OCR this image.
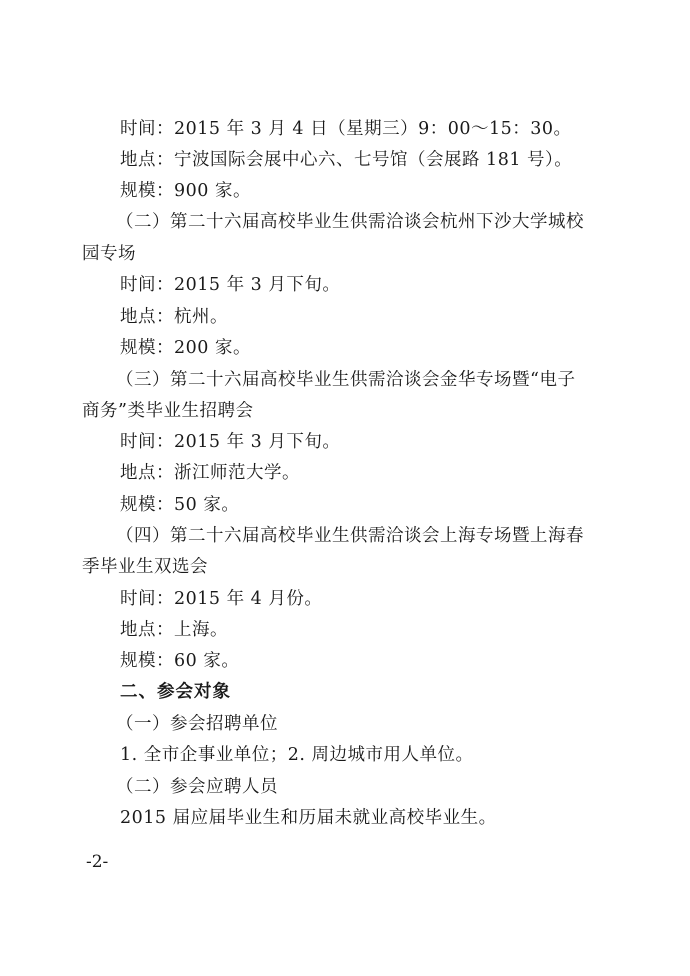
时间：2015 年 3 月 4 日（星期三）9：00～15：30。
地点：宁波国际会展中心六、七号馆（会展路 181 号）。
规模：900 家。
（二）第二十六届高校毕业生供需洽谈会杭州下沙大学城校
园专场
时间：2015 年 3 月下旬。
地点：杭州。
规模：200 家。
（三）第二十六届高校毕业生供需洽谈会金华专场暨“电子
商务”类毕业生招聘会
时间：2015 年 3 月下旬。
地点：浙江师范大学。
规模：50 家。
（四）第二十六届高校毕业生供需洽谈会上海专场暨上海春
季毕业生双选会
时间：2015 年 4 月份。
地点：上海。
规模：60 家。
二、参会对象
（一）参会招聘单位
1. 全市企事业单位；2. 周边城市用人单位。
（二）参会应聘人员
2015 届应届毕业生和历届未就业高校毕业生。
-2-
